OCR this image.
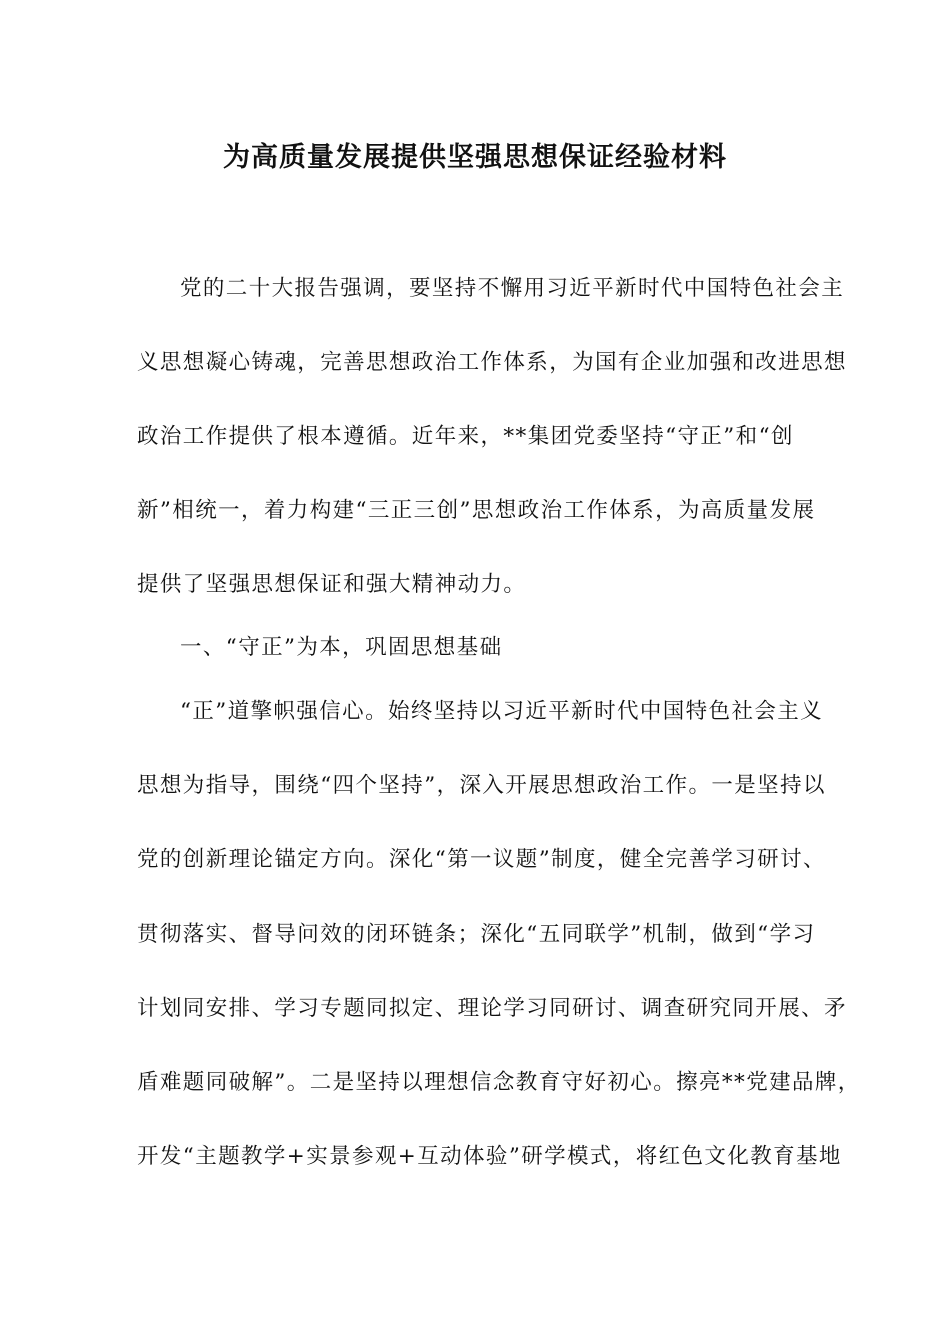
为高质量发展提供坚强思想保证经验材料

党的二十大报告强调，要坚持不懈用习近平新时代中国特色社会主

义思想凝心铸魂，完善思想政治工作体系，为国有企业加强和改进思想

政治工作提供了根本遵循。近年来，**集团党委坚持“守正”和“创

新”相统一，着力构建“三正三创”思想政治工作体系，为高质量发展

提供了坚强思想保证和强大精神动力。

一、“守正”为本，巩固思想基础

“正”道擎帜强信心。始终坚持以习近平新时代中国特色社会主义

思想为指导，围绕“四个坚持”，深入开展思想政治工作。一是坚持以

党的创新理论锚定方向。深化“第一议题”制度，健全完善学习研讨、

贯彻落实、督导问效的闭环链条；深化“五同联学”机制，做到“学习

计划同安排、学习专题同拟定、理论学习同研讨、调查研究同开展、矛

盾难题同破解”。二是坚持以理想信念教育守好初心。擦亮**党建品牌，

开发“主题教学+实景参观+互动体验”研学模式，将红色文化教育基地
